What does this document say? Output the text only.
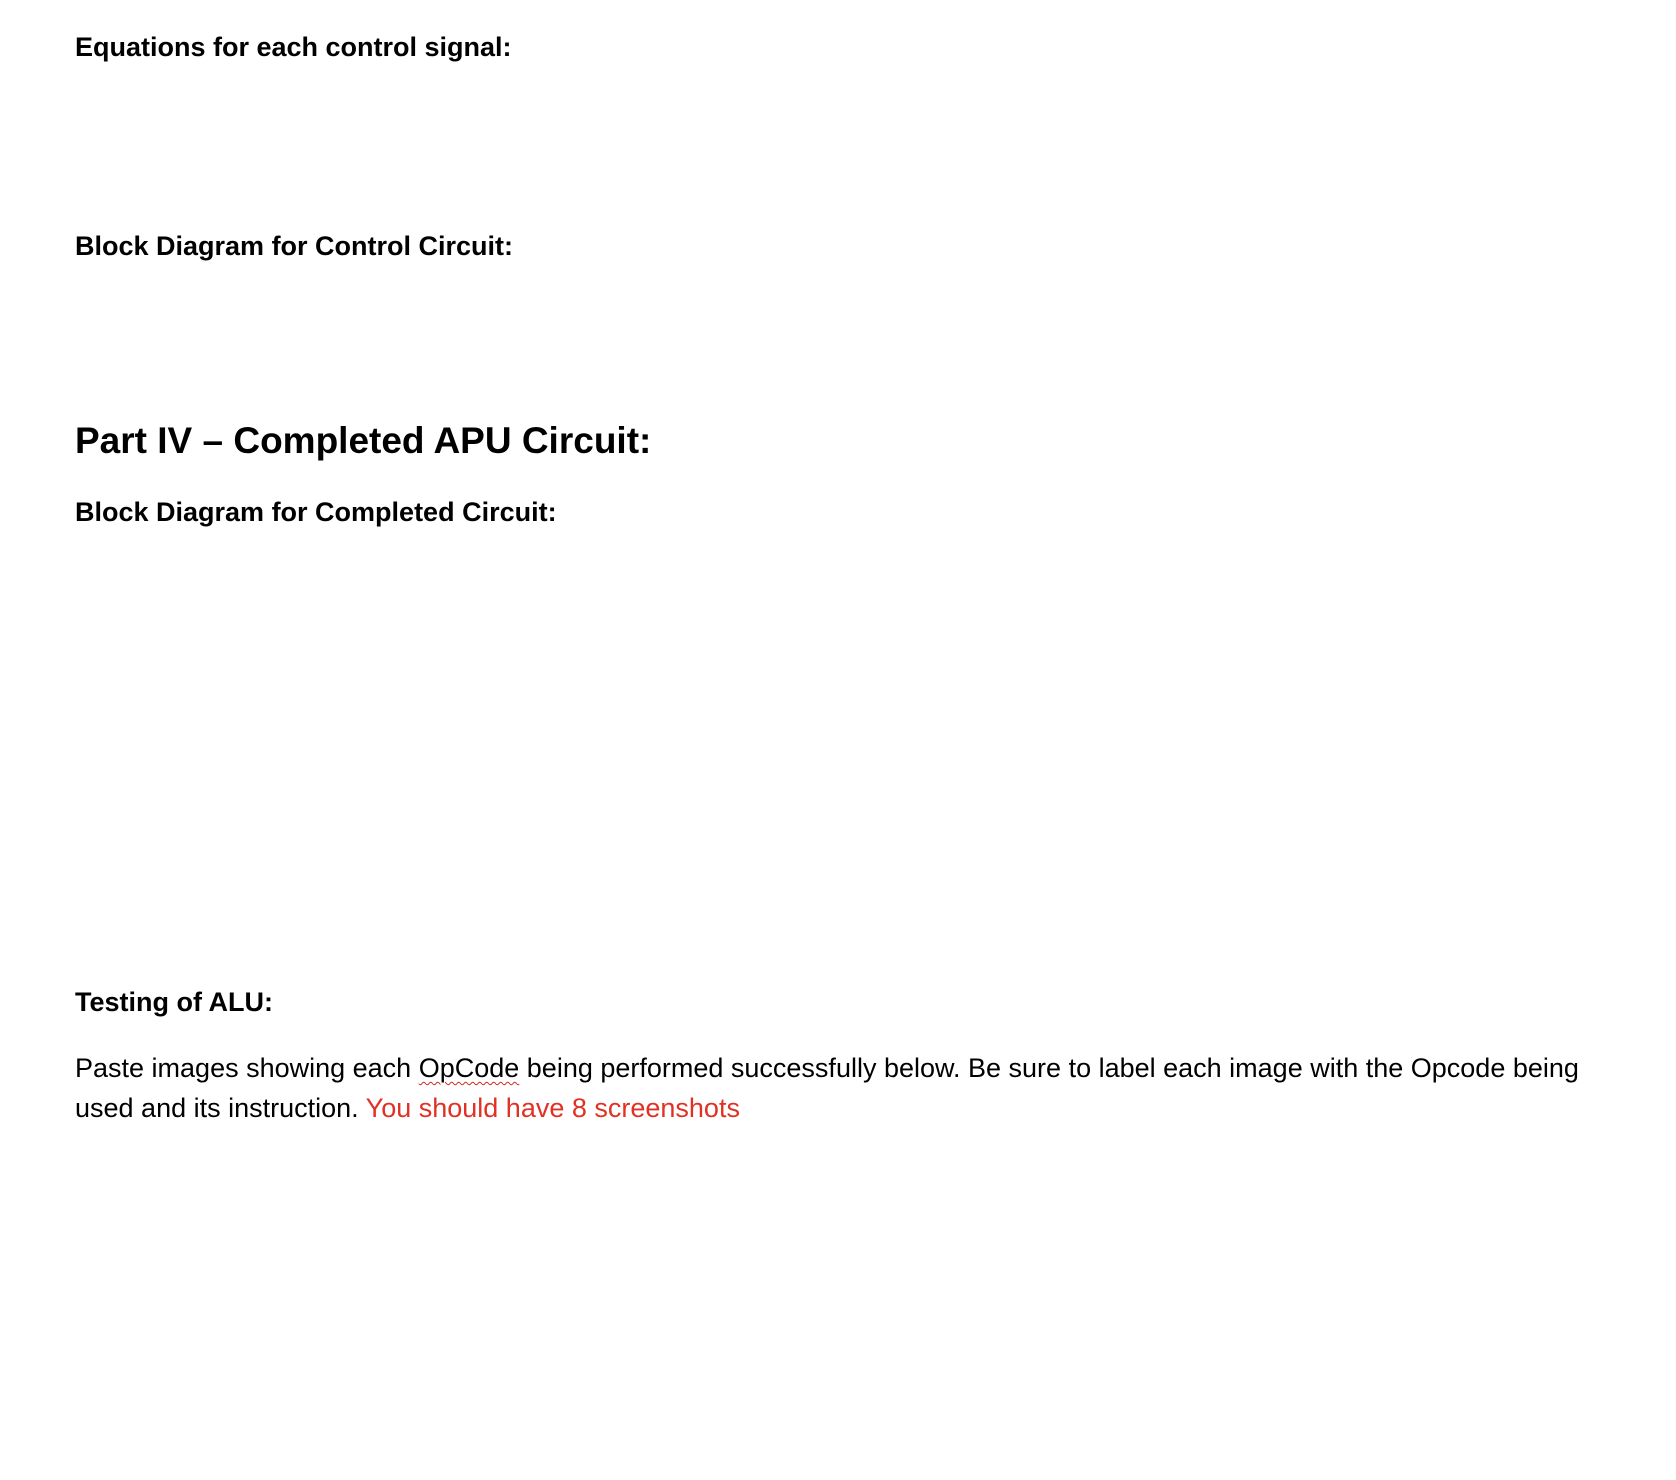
Equations for each control signal:

Block Diagram for Control Circuit:

Part IV – Completed APU Circuit:

Block Diagram for Completed Circuit:

Testing of ALU:

Paste images showing each OpCode being performed successfully below. Be sure to label each image with the Opcode being used and its instruction. You should have 8 screenshots
